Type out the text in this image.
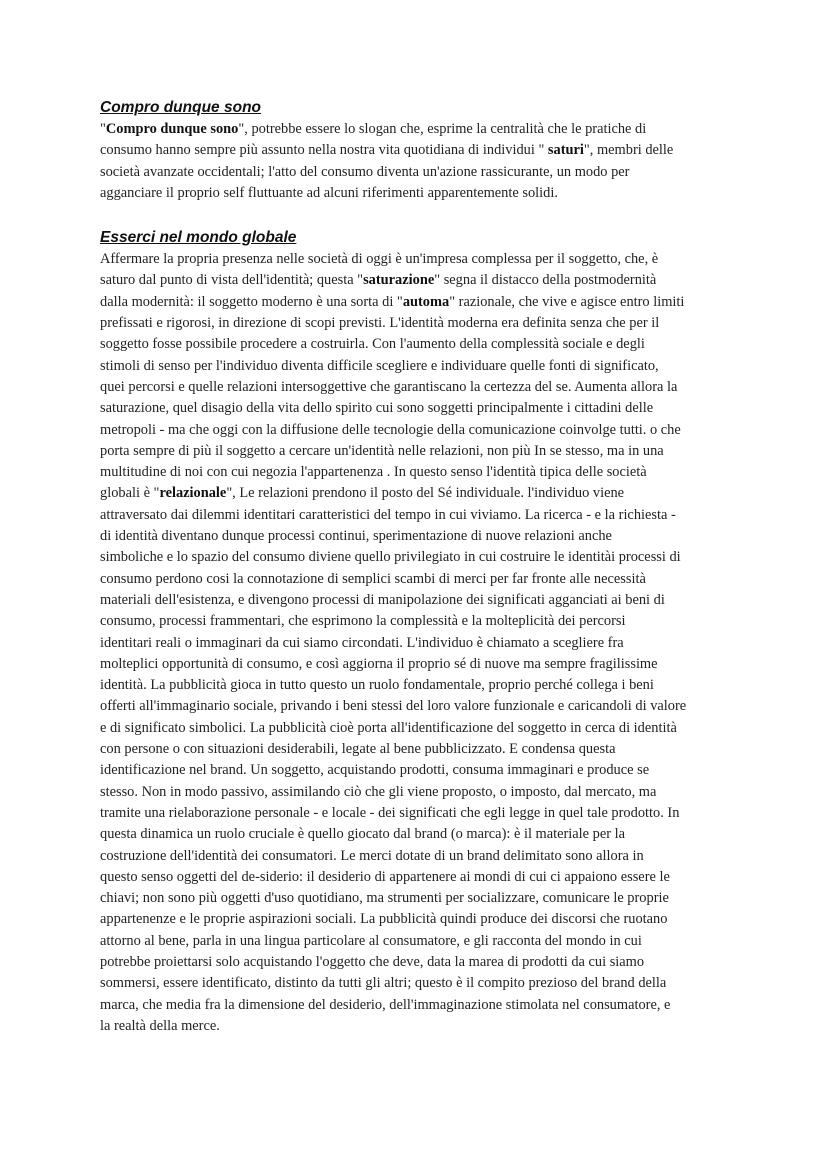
Compro dunque sono

"Compro dunque sono", potrebbe essere lo slogan che, esprime la centralità che le pratiche di
consumo hanno sempre più assunto nella nostra vita quotidiana di individui " saturi", membri delle
società avanzate occidentali; l'atto del consumo diventa un'azione rassicurante, un modo per
agganciare il proprio self fluttuante ad alcuni riferimenti apparentemente solidi.

Esserci nel mondo globale

Affermare la propria presenza nelle società di oggi è un'impresa complessa per il soggetto, che, è
saturo dal punto di vista dell'identità; questa "saturazione" segna il distacco della postmodernità
dalla modernità: il soggetto moderno è una sorta di "automa" razionale, che vive e agisce entro limiti
prefissati e rigorosi, in direzione di scopi previsti. L'identità moderna era definita senza che per il
soggetto fosse possibile procedere a costruirla. Con l'aumento della complessità sociale e degli
stimoli di senso per l'individuo diventa difficile scegliere e individuare quelle fonti di significato,
quei percorsi e quelle relazioni intersoggettive che garantiscano la certezza del se. Aumenta allora la
saturazione, quel disagio della vita dello spirito cui sono soggetti principalmente i cittadini delle
metropoli - ma che oggi con la diffusione delle tecnologie della comunicazione coinvolge tutti. o che
porta sempre di più il soggetto a cercare un'identità nelle relazioni, non più In se stesso, ma in una
multitudine di noi con cui negozia l'appartenenza . In questo senso l'identità tipica delle società
globali è "relazionale", Le relazioni prendono il posto del Sé individuale. l'individuo viene
attraversato dai dilemmi identitari caratteristici del tempo in cui viviamo. La ricerca - e la richiesta -
di identità diventano dunque processi continui, sperimentazione di nuove relazioni anche
simboliche e lo spazio del consumo diviene quello privilegiato in cui costruire le identitài processi di
consumo perdono cosi la connotazione di semplici scambi di merci per far fronte alle necessità
materiali dell'esistenza, e divengono processi di manipolazione dei significati agganciati ai beni di
consumo, processi frammentari, che esprimono la complessità e la molteplicità dei percorsi
identitari reali o immaginari da cui siamo circondati. L'individuo è chiamato a scegliere fra
molteplici opportunità di consumo, e così aggiorna il proprio sé di nuove ma sempre fragilissime
identità. La pubblicità gioca in tutto questo un ruolo fondamentale, proprio perché collega i beni
offerti all'immaginario sociale, privando i beni stessi del loro valore funzionale e caricandoli di valore
e di significato simbolici. La pubblicità cioè porta all'identificazione del soggetto in cerca di identità
con persone o con situazioni desiderabili, legate al bene pubblicizzato. E condensa questa
identificazione nel brand. Un soggetto, acquistando prodotti, consuma immaginari e produce se
stesso. Non in modo passivo, assimilando ciò che gli viene proposto, o imposto, dal mercato, ma
tramite una rielaborazione personale - e locale - dei significati che egli legge in quel tale prodotto. In
questa dinamica un ruolo cruciale è quello giocato dal brand (o marca): è il materiale per la
costruzione dell'identità dei consumatori. Le merci dotate di un brand delimitato sono allora in
questo senso oggetti del de-siderio: il desiderio di appartenere ai mondi di cui ci appaiono essere le
chiavi; non sono più oggetti d'uso quotidiano, ma strumenti per socializzare, comunicare le proprie
appartenenze e le proprie aspirazioni sociali. La pubblicità quindi produce dei discorsi che ruotano
attorno al bene, parla in una lingua particolare al consumatore, e gli racconta del mondo in cui
potrebbe proiettarsi solo acquistando l'oggetto che deve, data la marea di prodotti da cui siamo
sommersi, essere identificato, distinto da tutti gli altri; questo è il compito prezioso del brand della
marca, che media fra la dimensione del desiderio, dell'immaginazione stimolata nel consumatore, e
la realtà della merce.
